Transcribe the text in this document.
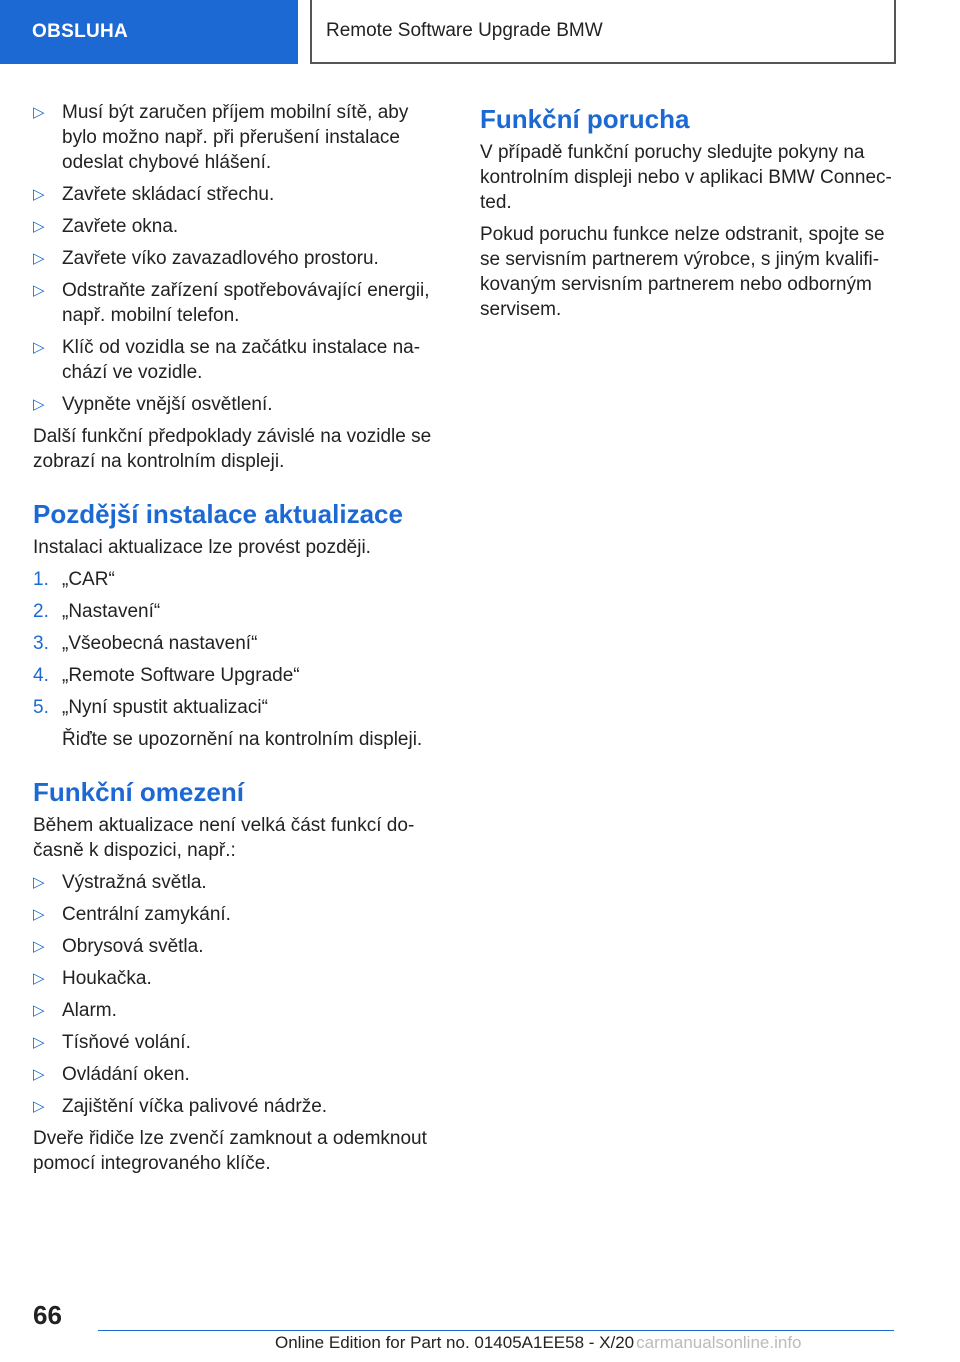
OBSLUHA	Remote Software Upgrade BMW
▷ Musí být zaručen příjem mobilní sítě, aby bylo možno např. při přerušení instalace odeslat chybové hlášení.
▷ Zavřete skládací střechu.
▷ Zavřete okna.
▷ Zavřete víko zavazadlového prostoru.
▷ Odstraňte zařízení spotřebovávající energii, např. mobilní telefon.
▷ Klíč od vozidla se na začátku instalace nachází ve vozidle.
▷ Vypněte vnější osvětlení.
Další funkční předpoklady závislé na vozidle se zobrazí na kontrolním displeji.
Pozdější instalace aktualizace
Instalaci aktualizace lze provést později.
1. „CAR“
2. „Nastavení“
3. „Všeobecná nastavení“
4. „Remote Software Upgrade“
5. „Nyní spustit aktualizaci“
Řiďte se upozornění na kontrolním displeji.
Funkční omezení
Během aktualizace není velká část funkcí dočasně k dispozici, např.:
▷ Výstražná světla.
▷ Centrální zamykání.
▷ Obrysová světla.
▷ Houkačka.
▷ Alarm.
▷ Tísňové volání.
▷ Ovládání oken.
▷ Zajištění víčka palivové nádrže.
Dveře řidiče lze zvenčí zamknout a odemknout pomocí integrovaného klíče.
Funkční porucha
V případě funkční poruchy sledujte pokyny na kontrolním displeji nebo v aplikaci BMW Connected.
Pokud poruchu funkce nelze odstranit, spojte se se servisním partnerem výrobce, s jiným kvalifikovaným servisním partnerem nebo odborným servisem.
66
Online Edition for Part no. 01405A1EE58 - X/20 carmanualsonline.info
